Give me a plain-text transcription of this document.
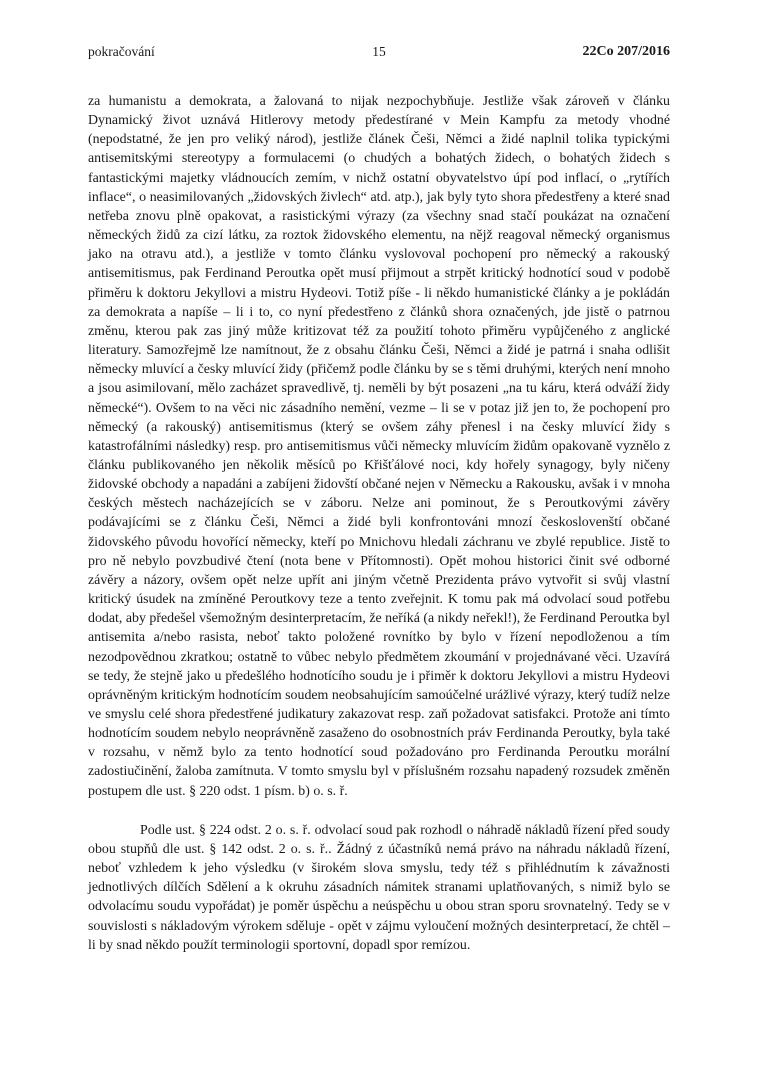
pokračování	15	22Co 207/2016

za humanistu a demokrata, a žalovaná to nijak nezpochybňuje. Jestliže však zároveň v článku Dynamický život uznává Hitlerovy metody předestírané v Mein Kampfu za metody vhodné (nepodstatné, že jen pro veliký národ), jestliže článek Češi, Němci a židé naplnil tolika typickými antisemitskými stereotypy a formulacemi (o chudých a bohatých židech, o bohatých židech s fantastickými majetky vládnoucích zemím, v nichž ostatní obyvatelstvo úpí pod inflací, o „rytířích inflace“, o neasimilovaných „židovských živlech“ atd. atp.), jak byly tyto shora předestřeny a které snad netřeba znovu plně opakovat, a rasistickými výrazy (za všechny snad stačí poukázat na označení německých židů za cizí látku, za roztok židovského elementu, na nějž reagoval německý organismus jako na otravu atd.), a jestliže v tomto článku vyslovoval pochopení pro německý a rakouský antisemitismus, pak Ferdinand Peroutka opět musí přijmout a strpět kritický hodnotící soud v podobě přiměru k doktoru Jekyllovi a mistru Hydeovi. Totiž píše - li někdo humanistické články a je pokládán za demokrata a napíše – li i to, co nyní předestřeno z článků shora označených, jde jistě o patrnou změnu, kterou pak zas jiný může kritizovat též za použití tohoto přiměru vypůjčeného z anglické literatury. Samozřejmě lze namítnout, že z obsahu článku Češi, Němci a židé je patrná i snaha odlišit německy mluvící a česky mluvící židy (přičemž podle článku by se s těmi druhými, kterých není mnoho a jsou asimilovaní, mělo zacházet spravedlivě, tj. neměli by být posazeni „na tu káru, která odváží židy německé“). Ovšem to na věci nic zásadního nemění, vezme – li se v potaz již jen to, že pochopení pro německý (a rakouský) antisemitismus (který se ovšem záhy přenesl i na česky mluvící židy s katastrofálními následky) resp. pro antisemitismus vůči německy mluvícím židům opakovaně vyznělo z článku publikovaného jen několik měsíců po Křišťálové noci, kdy hořely synagogy, byly ničeny židovské obchody a napadáni a zabíjeni židovští občané nejen v Německu a Rakousku, avšak i v mnoha českých městech nacházejících se v záboru. Nelze ani pominout, že s Peroutkovými závěry podávajícími se z článku Češi, Němci a židé byli konfrontováni mnozí českoslovenští občané židovského původu hovořící německy, kteří po Mnichovu hledali záchranu ve zbylé republice. Jistě to pro ně nebylo povzbudivé čtení (nota bene v Přítomnosti). Opět mohou historici činit své odborné závěry a názory, ovšem opět nelze upřít ani jiným včetně Prezidenta právo vytvořit si svůj vlastní kritický úsudek na zmíněné Peroutkovy teze a tento zveřejnit. K tomu pak má odvolací soud potřebu dodat, aby předešel všemožným desinterpretacím, že neříká (a nikdy neřekl!), že Ferdinand Peroutka byl antisemita a/nebo rasista, neboť takto položené rovnítko by bylo v řízení nepodloženou a tím nezodpovědnou zkratkou; ostatně to vůbec nebylo předmětem zkoumání v projednávané věci. Uzavírá se tedy, že stejně jako u předešlého hodnotícího soudu je i přiměr k doktoru Jekyllovi a mistru Hydeovi oprávněným kritickým hodnotícím soudem neobsahujícím samoúčelné urážlivé výrazy, který tudíž nelze ve smyslu celé shora předestřené judikatury zakazovat resp. zaň požadovat satisfakci. Protože ani tímto hodnotícím soudem nebylo neoprávněně zasaženo do osobnostních práv Ferdinanda Peroutky, byla také v rozsahu, v němž bylo za tento hodnotící soud požadováno pro Ferdinanda Peroutku morální zadostiučinění, žaloba zamítnuta. V tomto smyslu byl v příslušném rozsahu napadený rozsudek změněn postupem dle ust. § 220 odst. 1 písm. b) o. s. ř.

Podle ust. § 224 odst. 2 o. s. ř. odvolací soud pak rozhodl o náhradě nákladů řízení před soudy obou stupňů dle ust. § 142 odst. 2 o. s. ř.. Žádný z účastníků nemá právo na náhradu nákladů řízení, neboť vzhledem k jeho výsledku (v širokém slova smyslu, tedy též s přihlédnutím k závažnosti jednotlivých dílčích Sdělení a k okruhu zásadních námitek stranami uplatňovaných, s nimiž bylo se odvolacímu soudu vypořádat) je poměr úspěchu a neúspěchu u obou stran sporu srovnatelný. Tedy se v souvislosti s nákladovým výrokem sděluje - opět v zájmu vyloučení možných desinterpretací, že chtěl – li by snad někdo použít terminologii sportovní, dopadl spor remízou.
